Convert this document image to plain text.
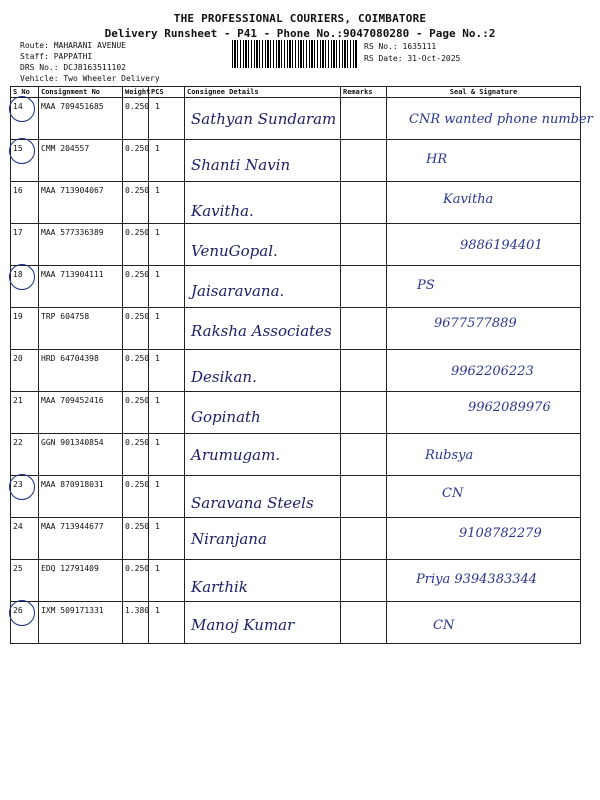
THE PROFESSIONAL COURIERS, COIMBATORE
Delivery Runsheet - P41 - Phone No.:9047080280 - Page No.:2
Route: MAHARANI AVENUE
Staff: PAPPATHI
DRS No.: DCJ8163511102
Vehicle: Two Wheeler Delivery
RS No.: 1635111
RS Date: 31-Oct-2025
S No	Consignment No	Weight	PCS	Consignee Details	Remarks	Seal & Signature
14	MAA 709451685	0.250	1	Sathyan Sundaram		CNR wanted phone number
15	CMM 204557	0.250	1	Shanti Navin		HR
16	MAA 713904067	0.250	1	Kavitha.		Kavitha
17	MAA 577336389	0.250	1	VenuGopal.		9886194401
18	MAA 713904111	0.250	1	Jaisaravana.		PS
19	TRP 604758	0.250	1	Raksha Associates		9677577889
20	HRD 64704398	0.250	1	Desikan.		9962206223
21	MAA 709452416	0.250	1	Gopinath		9962089976
22	GGN 901340854	0.250	1	Arumugam.		Rubsya
23	MAA 870918031	0.250	1	Saravana Steels		CN
24	MAA 713944677	0.250	1	Niranjana		9108782279
25	EDQ 12791409	0.250	1	Karthik		Priya 9394383344
26	IXM 509171331	1.380	1	Manoj Kumar		CN
